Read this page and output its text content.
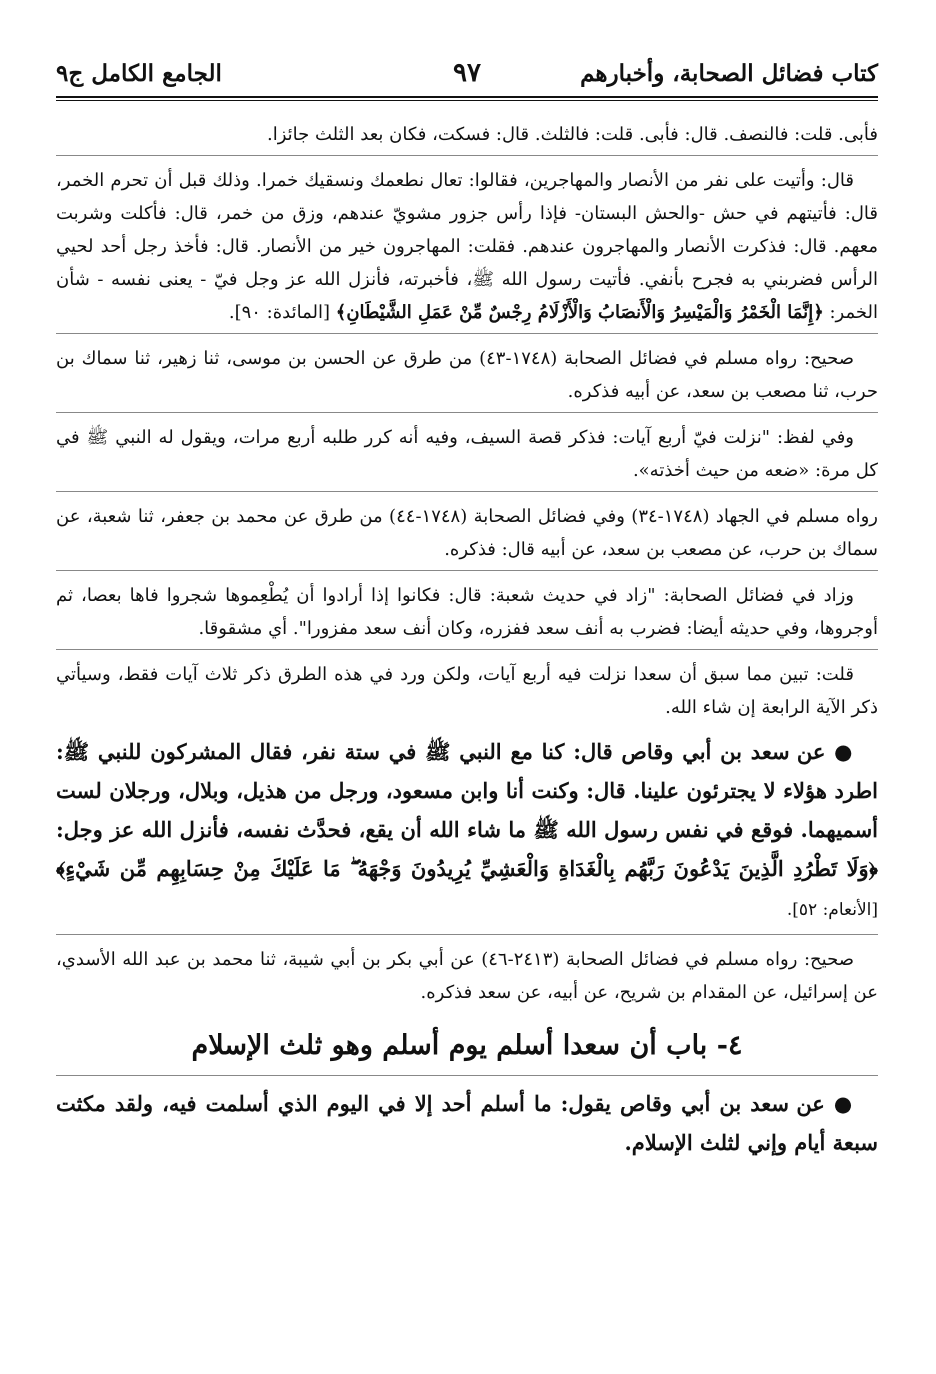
كتاب فضائل الصحابة، وأخبارهم
٩٧
الجامع الكامل ج٩

فأبى. قلت: فالنصف. قال: فأبى. قلت: فالثلث. قال: فسكت، فكان بعد الثلث جائزا.

قال: وأتيت على نفر من الأنصار والمهاجرين، فقالوا: تعال نطعمك ونسقيك خمرا. وذلك قبل أن تحرم الخمر، قال: فأتيتهم في حش -والحش البستان- فإذا رأس جزور مشويّ عندهم، وزق من خمر، قال: فأكلت وشربت معهم. قال: فذكرت الأنصار والمهاجرون عندهم. فقلت: المهاجرون خير من الأنصار. قال: فأخذ رجل أحد لحيي الرأس فضربني به فجرح بأنفي. فأتيت رسول الله ﷺ، فأخبرته، فأنزل الله عز وجل فيّ - يعنى نفسه - شأن الخمر: ﴿إِنَّمَا الْخَمْرُ وَالْمَيْسِرُ وَالْأَنصَابُ وَالْأَزْلَامُ رِجْسٌ مِّنْ عَمَلِ الشَّيْطَانِ﴾ [المائدة: ٩٠].

صحيح: رواه مسلم في فضائل الصحابة (١٧٤٨-٤٣) من طرق عن الحسن بن موسى، ثنا زهير، ثنا سماك بن حرب، ثنا مصعب بن سعد، عن أبيه فذكره.

وفي لفظ: "نزلت فيّ أربع آيات: فذكر قصة السيف، وفيه أنه كرر طلبه أربع مرات، ويقول له النبي ﷺ في كل مرة: «ضعه من حيث أخذته».

رواه مسلم في الجهاد (١٧٤٨-٣٤) وفي فضائل الصحابة (١٧٤٨-٤٤) من طرق عن محمد بن جعفر، ثنا شعبة، عن سماك بن حرب، عن مصعب بن سعد، عن أبيه قال: فذكره.

وزاد في فضائل الصحابة: "زاد في حديث شعبة: قال: فكانوا إذا أرادوا أن يُطْعِموها شجروا فاها بعصا، ثم أوجروها، وفي حديثه أيضا: فضرب به أنف سعد ففزره، وكان أنف سعد مفزورا". أي مشقوقا.

قلت: تبين مما سبق أن سعدا نزلت فيه أربع آيات، ولكن ورد في هذه الطرق ذكر ثلاث آيات فقط، وسيأتي ذكر الآية الرابعة إن شاء الله.

● عن سعد بن أبي وقاص قال: كنا مع النبي ﷺ في ستة نفر، فقال المشركون للنبي ﷺ: اطرد هؤلاء لا يجترئون علينا. قال: وكنت أنا وابن مسعود، ورجل من هذيل، وبلال، ورجلان لست أسميهما. فوقع في نفس رسول الله ﷺ ما شاء الله أن يقع، فحدَّث نفسه، فأنزل الله عز وجل: ﴿وَلَا تَطْرُدِ الَّذِينَ يَدْعُونَ رَبَّهُم بِالْغَدَاةِ وَالْعَشِيِّ يُرِيدُونَ وَجْهَهُ ۖ مَا عَلَيْكَ مِنْ حِسَابِهِم مِّن شَيْءٍ﴾ [الأنعام: ٥٢].

صحيح: رواه مسلم في فضائل الصحابة (٢٤١٣-٤٦) عن أبي بكر بن أبي شيبة، ثنا محمد بن عبد الله الأسدي، عن إسرائيل، عن المقدام بن شريح، عن أبيه، عن سعد فذكره.

٤- باب أن سعدا أسلم يوم أسلم وهو ثلث الإسلام

● عن سعد بن أبي وقاص يقول: ما أسلم أحد إلا في اليوم الذي أسلمت فيه، ولقد مكثت سبعة أيام وإني لثلث الإسلام.
